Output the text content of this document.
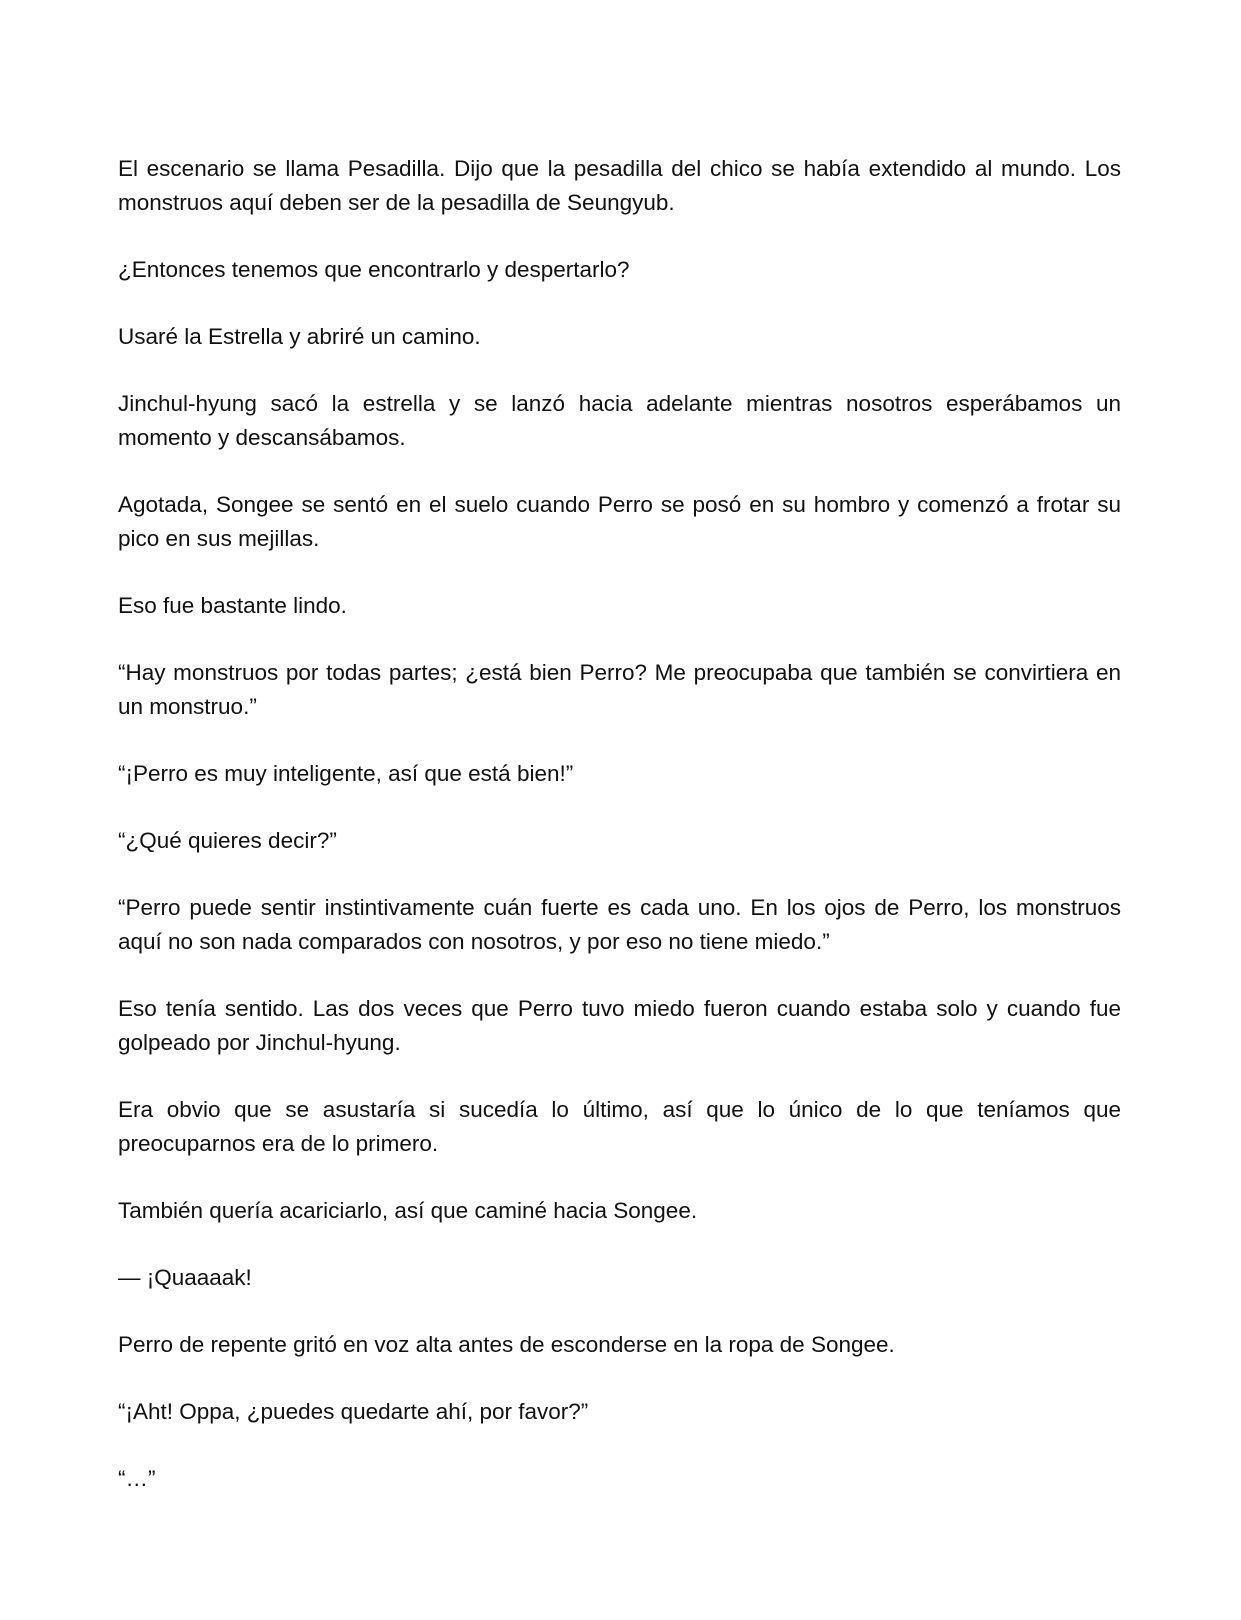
El escenario se llama Pesadilla. Dijo que la pesadilla del chico se había extendido al mundo. Los monstruos aquí deben ser de la pesadilla de Seungyub.

¿Entonces tenemos que encontrarlo y despertarlo?

Usaré la Estrella y abriré un camino.

Jinchul-hyung sacó la estrella y se lanzó hacia adelante mientras nosotros esperábamos un momento y descansábamos.

Agotada, Songee se sentó en el suelo cuando Perro se posó en su hombro y comenzó a frotar su pico en sus mejillas.

Eso fue bastante lindo.

“Hay monstruos por todas partes; ¿está bien Perro? Me preocupaba que también se convirtiera en un monstruo.”

“¡Perro es muy inteligente, así que está bien!”

“¿Qué quieres decir?”

“Perro puede sentir instintivamente cuán fuerte es cada uno. En los ojos de Perro, los monstruos aquí no son nada comparados con nosotros, y por eso no tiene miedo.”

Eso tenía sentido. Las dos veces que Perro tuvo miedo fueron cuando estaba solo y cuando fue golpeado por Jinchul-hyung.

Era obvio que se asustaría si sucedía lo último, así que lo único de lo que teníamos que preocuparnos era de lo primero.

También quería acariciarlo, así que caminé hacia Songee.

— ¡Quaaaak!

Perro de repente gritó en voz alta antes de esconderse en la ropa de Songee.

“¡Aht! Oppa, ¿puedes quedarte ahí, por favor?”

“…”
